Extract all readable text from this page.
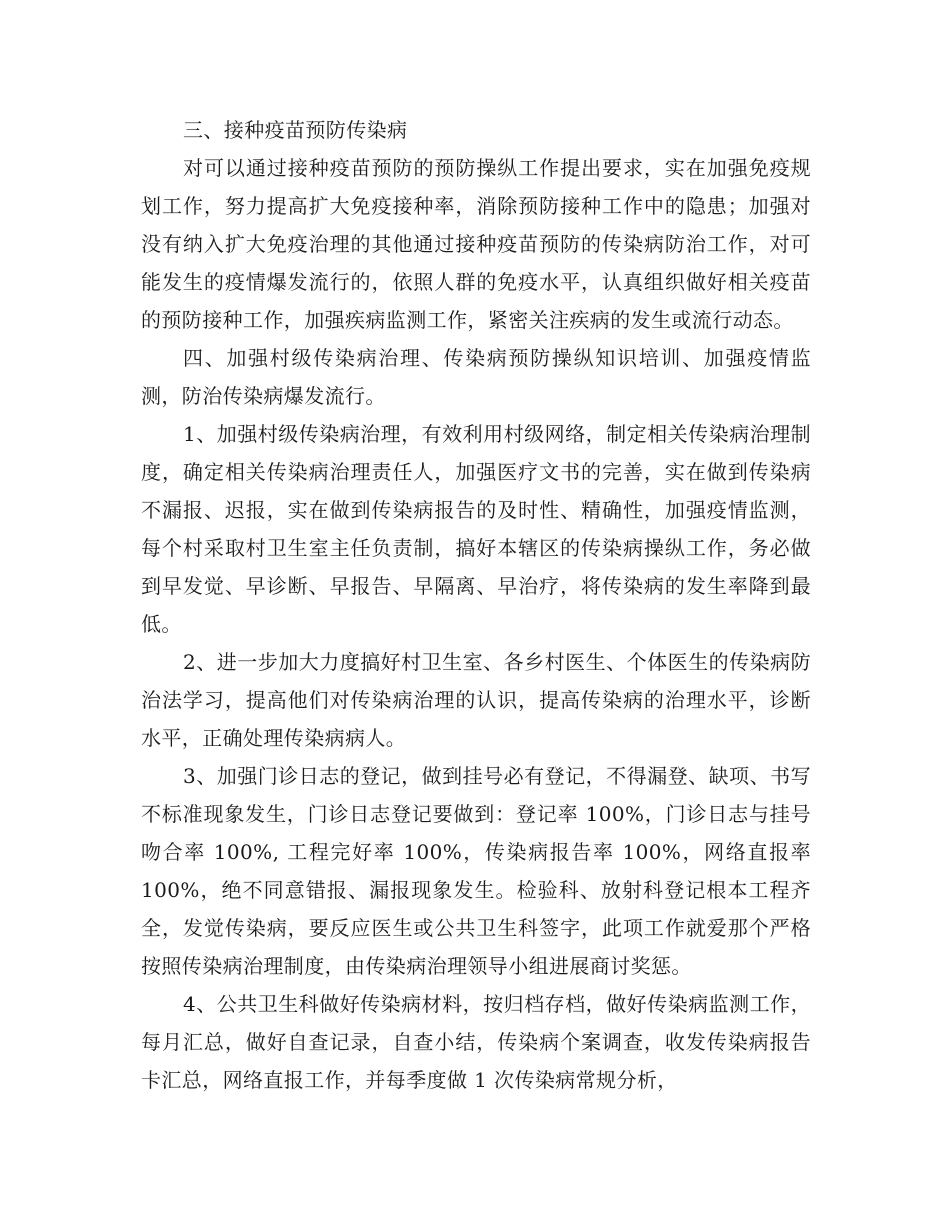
三、接种疫苗预防传染病

对可以通过接种疫苗预防的预防操纵工作提出要求，实在加强免疫规划工作，努力提高扩大免疫接种率，消除预防接种工作中的隐患；加强对没有纳入扩大免疫治理的其他通过接种疫苗预防的传染病防治工作，对可能发生的疫情爆发流行的，依照人群的免疫水平，认真组织做好相关疫苗的预防接种工作，加强疾病监测工作，紧密关注疾病的发生或流行动态。

四、加强村级传染病治理、传染病预防操纵知识培训、加强疫情监测，防治传染病爆发流行。

1、加强村级传染病治理，有效利用村级网络，制定相关传染病治理制度，确定相关传染病治理责任人，加强医疗文书的完善，实在做到传染病不漏报、迟报，实在做到传染病报告的及时性、精确性，加强疫情监测，每个村采取村卫生室主任负责制，搞好本辖区的传染病操纵工作，务必做到早发觉、早诊断、早报告、早隔离、早治疗，将传染病的发生率降到最低。

2、进一步加大力度搞好村卫生室、各乡村医生、个体医生的传染病防治法学习，提高他们对传染病治理的认识，提高传染病的治理水平，诊断水平，正确处理传染病病人。

3、加强门诊日志的登记，做到挂号必有登记，不得漏登、缺项、书写不标准现象发生，门诊日志登记要做到：登记率 100%，门诊日志与挂号吻合率 100%, 工程完好率 100%，传染病报告率 100%，网络直报率 100%，绝不同意错报、漏报现象发生。检验科、放射科登记根本工程齐全，发觉传染病，要反应医生或公共卫生科签字，此项工作就爱那个严格按照传染病治理制度，由传染病治理领导小组进展商讨奖惩。

4、公共卫生科做好传染病材料，按归档存档，做好传染病监测工作，每月汇总，做好自查记录，自查小结，传染病个案调查，收发传染病报告卡汇总，网络直报工作，并每季度做 1 次传染病常规分析，
